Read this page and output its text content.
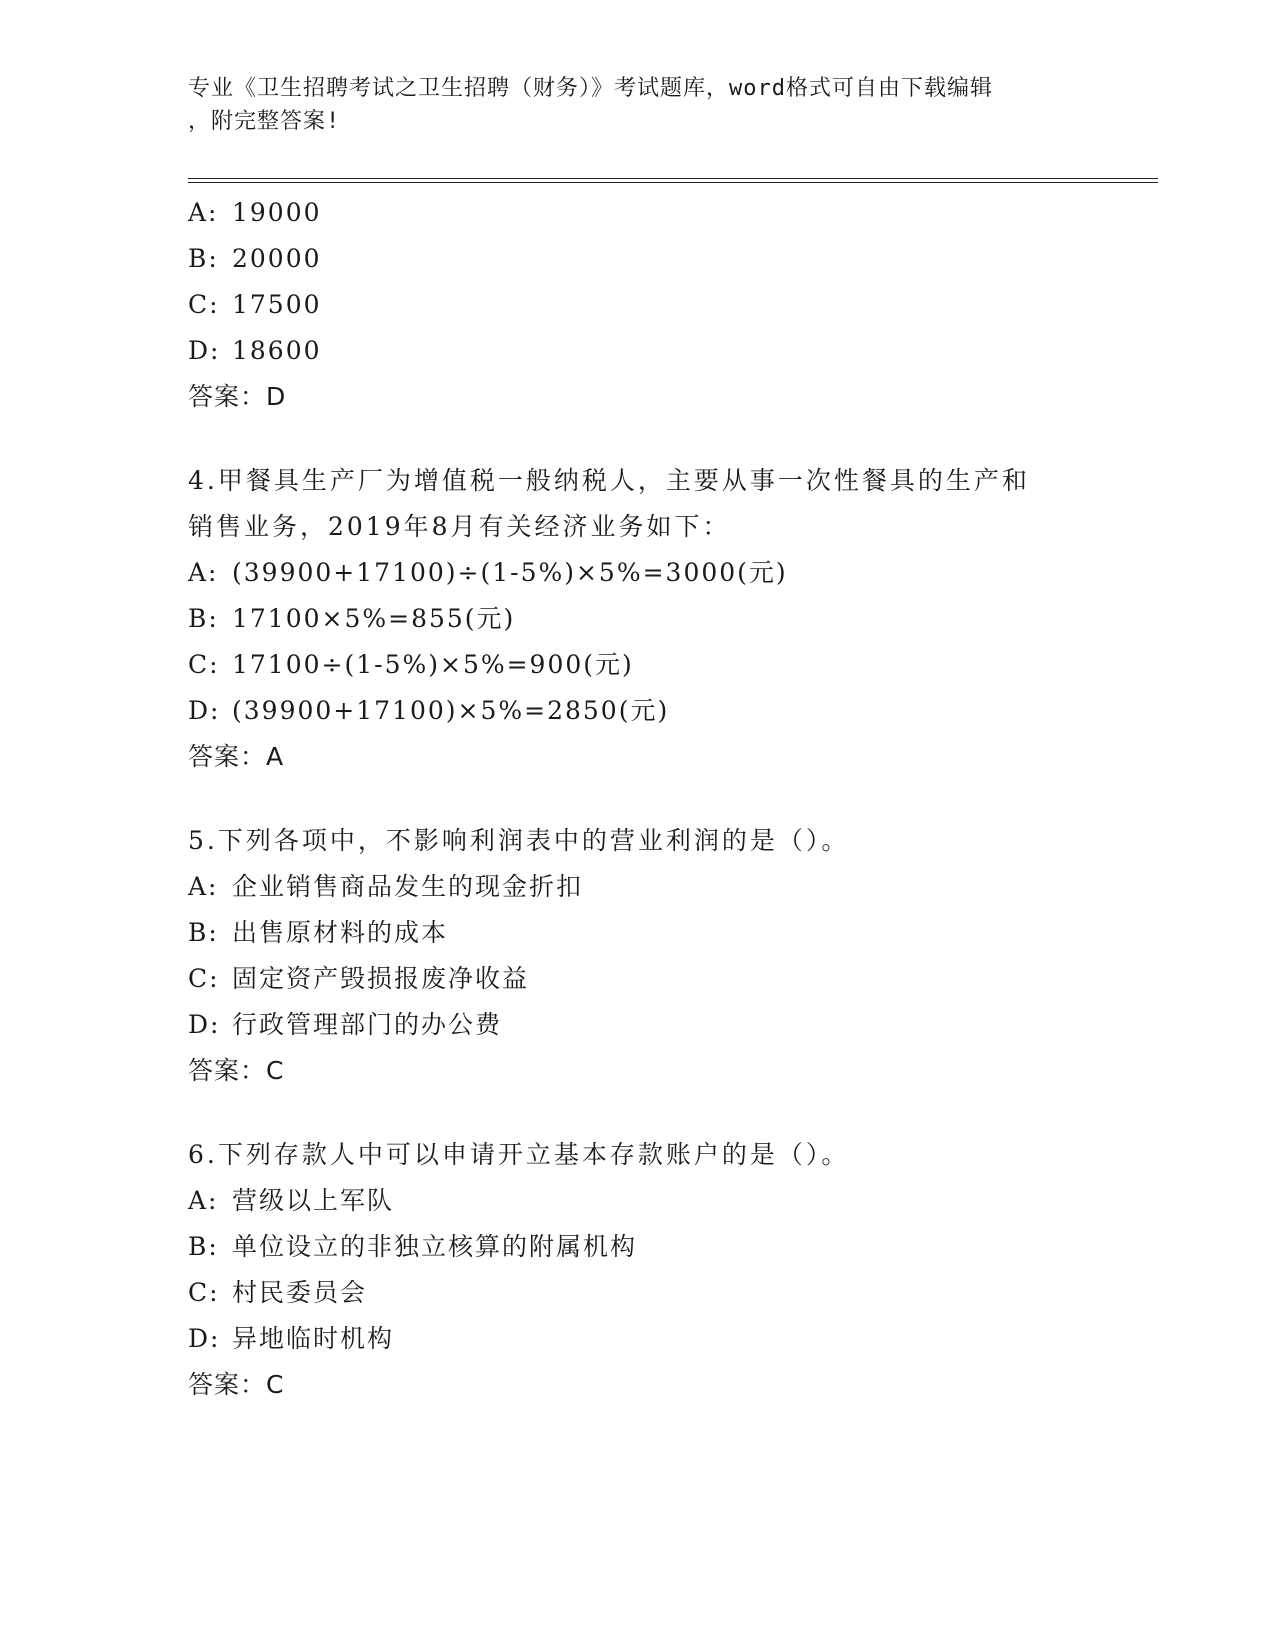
专业《卫生招聘考试之卫生招聘（财务）》考试题库，word格式可自由下载编辑
，附完整答案!
A: 19000
B: 20000
C: 17500
D: 18600
答案：D
4.甲餐具生产厂为增值税一般纳税人，主要从事一次性餐具的生产和
销售业务，2019年8月有关经济业务如下：
A: (39900+17100)÷(1-5%)×5%=3000(元)
B: 17100×5%=855(元)
C: 17100÷(1-5%)×5%=900(元)
D: (39900+17100)×5%=2850(元)
答案：A
5.下列各项中，不影响利润表中的营业利润的是（）。
A: 企业销售商品发生的现金折扣
B: 出售原材料的成本
C: 固定资产毁损报废净收益
D: 行政管理部门的办公费
答案：C
6.下列存款人中可以申请开立基本存款账户的是（）。
A: 营级以上军队
B: 单位设立的非独立核算的附属机构
C: 村民委员会
D: 异地临时机构
答案：C
